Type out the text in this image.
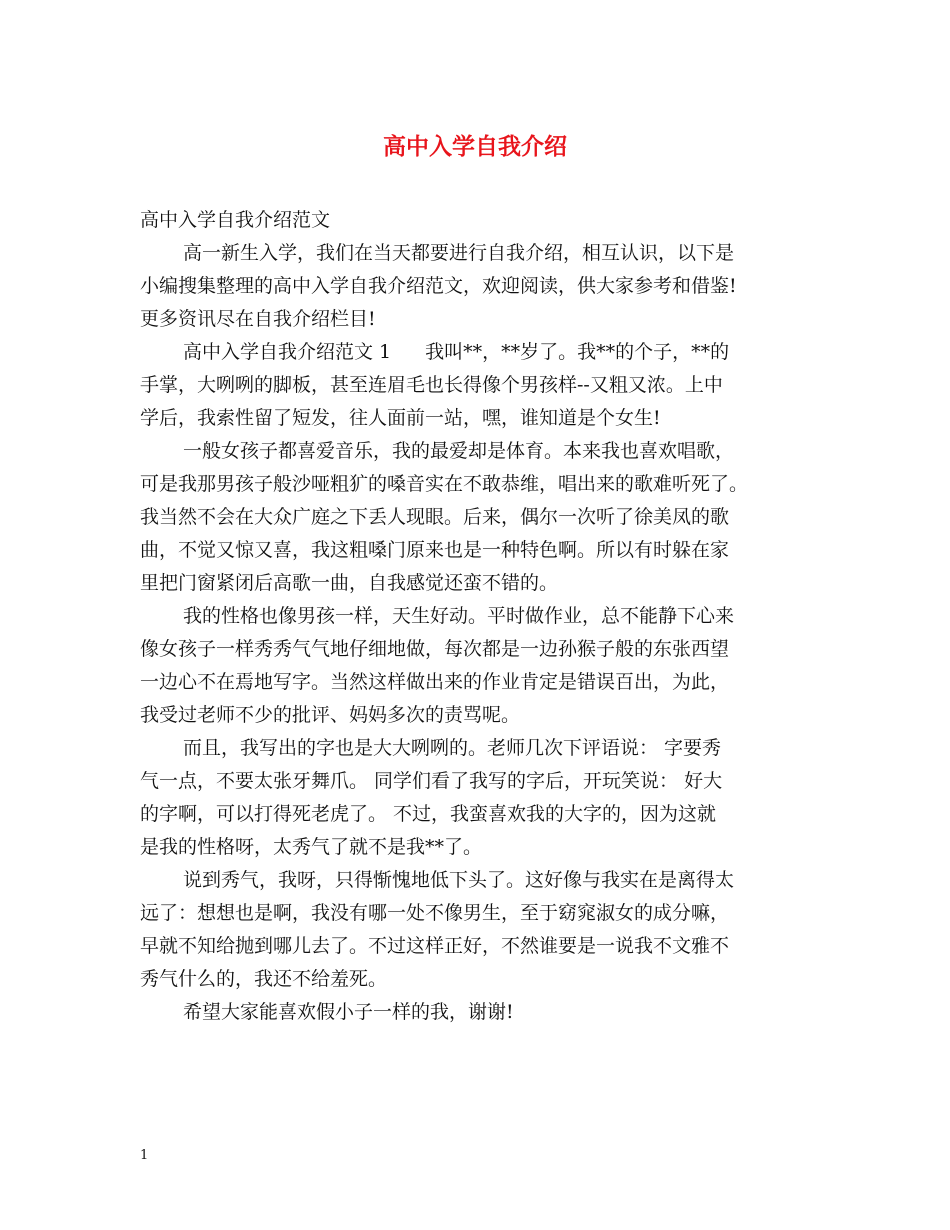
高中入学自我介绍

高中入学自我介绍范文

高一新生入学，我们在当天都要进行自我介绍，相互认识，以下是
小编搜集整理的高中入学自我介绍范文，欢迎阅读，供大家参考和借鉴!
更多资讯尽在自我介绍栏目!

高中入学自我介绍范文 1 我叫**，**岁了。我**的个子，**的
手掌，大咧咧的脚板，甚至连眉毛也长得像个男孩样--又粗又浓。上中
学后，我索性留了短发，往人面前一站，嘿，谁知道是个女生!

一般女孩子都喜爱音乐，我的最爱却是体育。本来我也喜欢唱歌，
可是我那男孩子般沙哑粗犷的嗓音实在不敢恭维，唱出来的歌难听死了。
我当然不会在大众广庭之下丢人现眼。后来，偶尔一次听了徐美凤的歌
曲，不觉又惊又喜，我这粗嗓门原来也是一种特色啊。所以有时躲在家
里把门窗紧闭后高歌一曲，自我感觉还蛮不错的。

我的性格也像男孩一样，天生好动。平时做作业，总不能静下心来
像女孩子一样秀秀气气地仔细地做，每次都是一边孙猴子般的东张西望
一边心不在焉地写字。当然这样做出来的作业肯定是错误百出，为此，
我受过老师不少的批评、妈妈多次的责骂呢。

而且，我写出的字也是大大咧咧的。老师几次下评语说： 字要秀
气一点，不要太张牙舞爪。 同学们看了我写的字后，开玩笑说： 好大
的字啊，可以打得死老虎了。 不过，我蛮喜欢我的大字的，因为这就
是我的性格呀，太秀气了就不是我**了。

说到秀气，我呀，只得惭愧地低下头了。这好像与我实在是离得太
远了：想想也是啊，我没有哪一处不像男生，至于窈窕淑女的成分嘛，
早就不知给抛到哪儿去了。不过这样正好，不然谁要是一说我不文雅不
秀气什么的，我还不给羞死。

希望大家能喜欢假小子一样的我，谢谢!

1
